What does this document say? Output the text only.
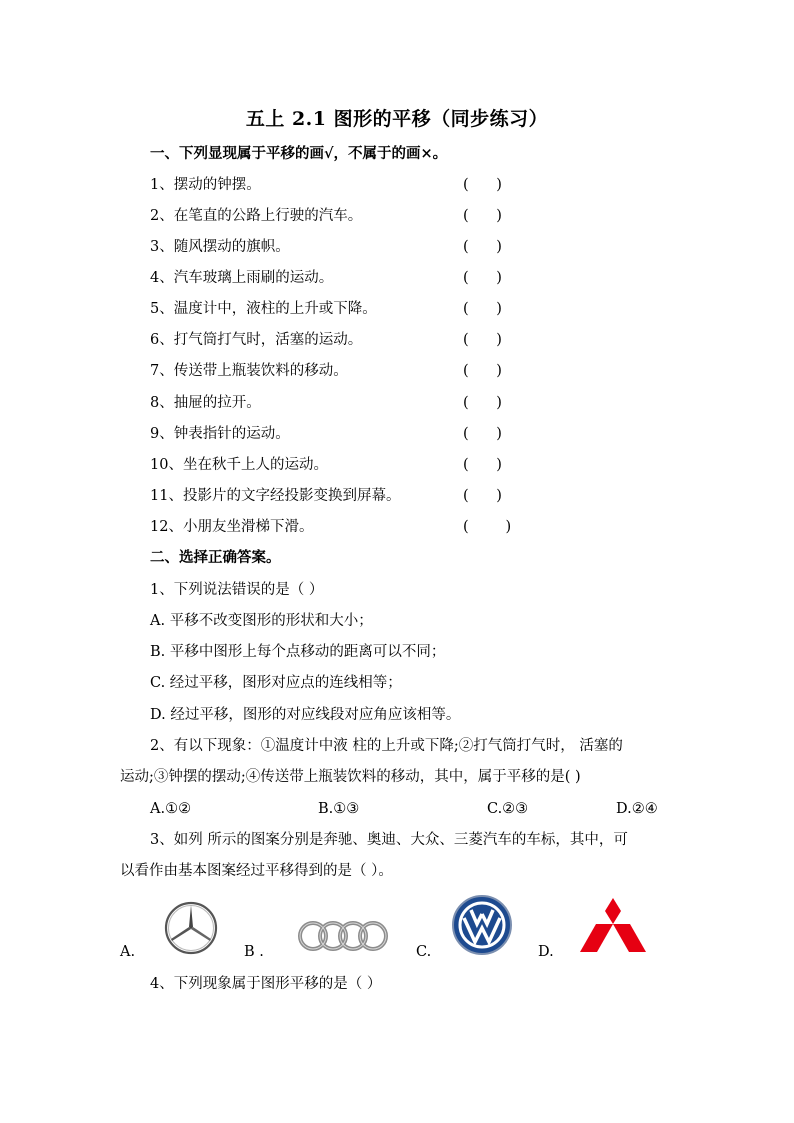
五上 2.1 图形的平移（同步练习）
一、下列显现属于平移的画√，不属于的画×。
1、摆动的钟摆。	(      )
2、在笔直的公路上行驶的汽车。	(      )
3、随风摆动的旗帜。	(      )
4、汽车玻璃上雨刷的运动。	(      )
5、温度计中，液柱的上升或下降。	(      )
6、打气筒打气时，活塞的运动。	(      )
7、传送带上瓶装饮料的移动。	(      )
8、抽屉的拉开。	(      )
9、钟表指针的运动。	(      )
10、坐在秋千上人的运动。	(      )
11、投影片的文字经投影变换到屏幕。	(      )
12、小朋友坐滑梯下滑。	(        )
二、选择正确答案。
1、下列说法错误的是（ ）
A. 平移不改变图形的形状和大小；
B. 平移中图形上每个点移动的距离可以不同；
C. 经过平移，图形对应点的连线相等；
D. 经过平移，图形的对应线段对应角应该相等。
2、有以下现象：①温度计中液 柱的上升或下降;②打气筒打气时， 活塞的
运动;③钟摆的摆动;④传送带上瓶装饮料的移动，其中，属于平移的是( )
A.①②	B.①③	C.②③	D.②④
3、如列 所示的图案分别是奔驰、奥迪、大众、三菱汽车的车标，其中，可
以看作由基本图案经过平移得到的是（ ）。
A.	B .	C.	D.
4、下列现象属于图形平移的是（ ）
